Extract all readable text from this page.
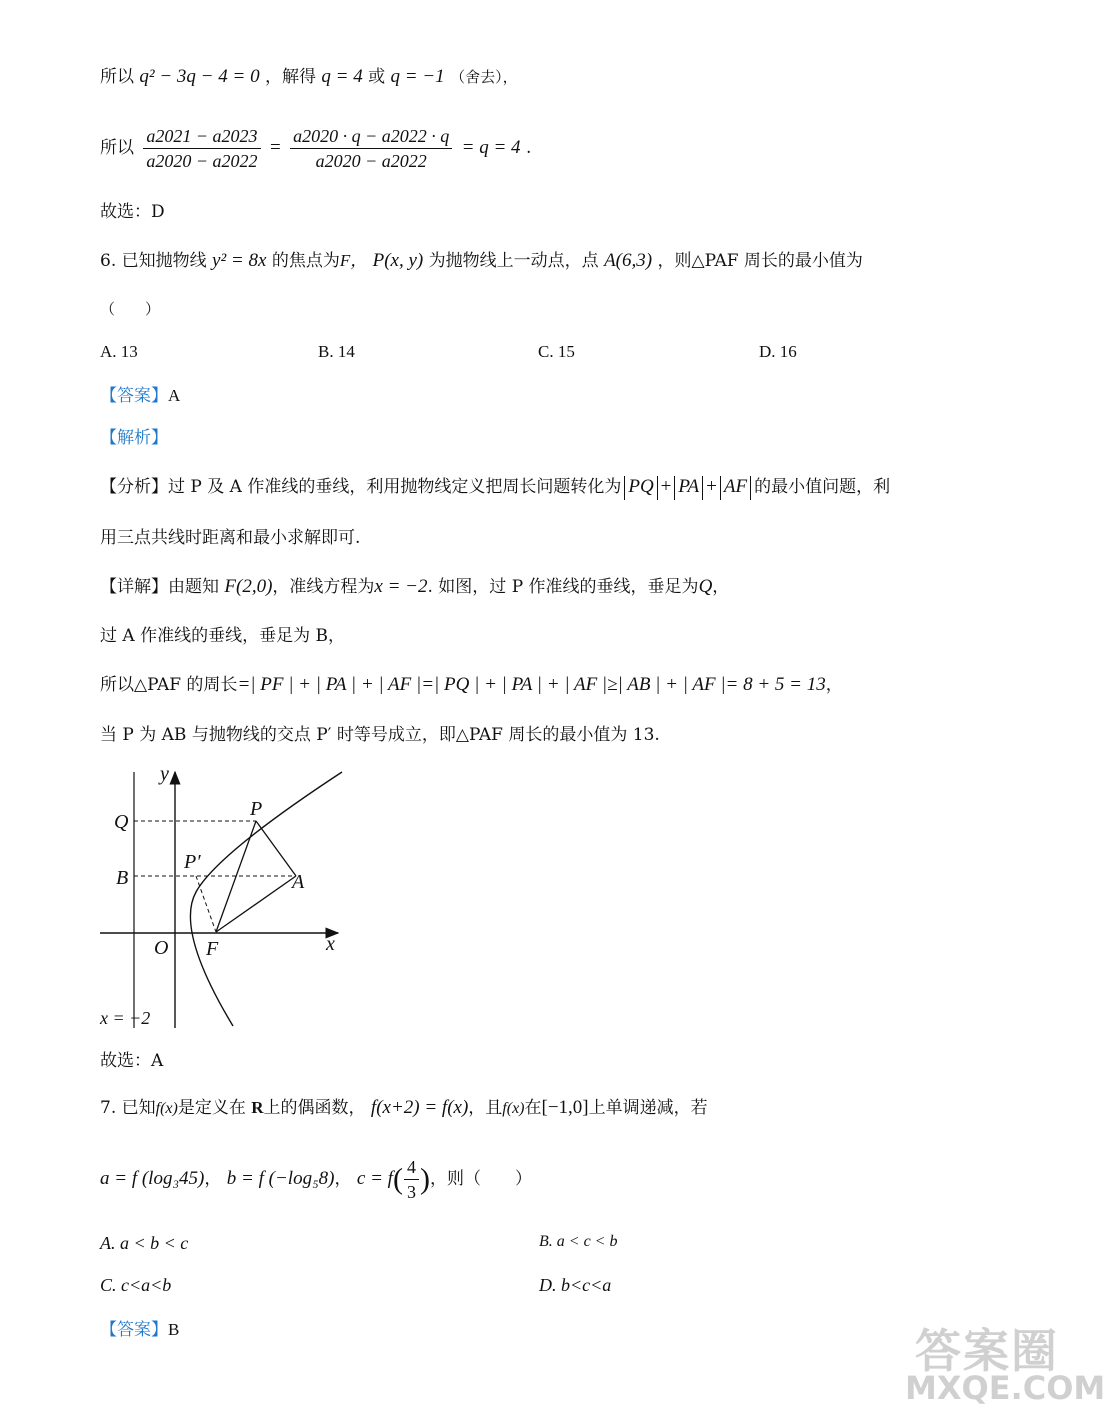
所以 q² − 3q − 4 = 0 ，解得 q = 4 或 q = −1 （舍去），
所以 $\frac{a2021 - a2023}{a2020 - a2022} = \frac{a2020 \cdot q - a2022 \cdot q}{a2020 - a2022} = q = 4$ .
故选：D
6. 已知抛物线 y² = 8x 的焦点为F， P(x, y) 为抛物线上一动点，点 A(6,3) ，则△PAF 周长的最小值为
（　　）
A. 13	B. 14	C. 15	D. 16
【答案】A
【解析】
【分析】过 P 及 A 作准线的垂线，利用抛物线定义把周长问题转化为 PQ + PA + AF 的最小值问题，利
用三点共线时距离和最小求解即可.
【详解】由题知 F(2,0)，准线方程为x = −2. 如图，过 P 作准线的垂线，垂足为Q，
过 A 作准线的垂线，垂足为 B，
所以△PAF 的周长=| PF | + | PA | + | AF |=| PQ | + | PA | + | AF |≥| AB | + | AF |= 8 + 5 = 13，
当 P 为 AB 与抛物线的交点 P′ 时等号成立，即△PAF 周长的最小值为 13.
y
x
O F
P
P′
Q
B	A
x = −2
故选：A
7. 已知f(x)是定义在 R上的偶函数， f(x+2) = f(x)，且f(x)在[−1,0]上单调递减，若
a = f (log₃45)， b = f (−log₅8)， $c = f( \frac{4}{3}$ )，则（　　）
A. a < b < c	B. a < c < b
C. c<a<b	D. b<c<a
【答案】B	答案圈
MXQE.COM
